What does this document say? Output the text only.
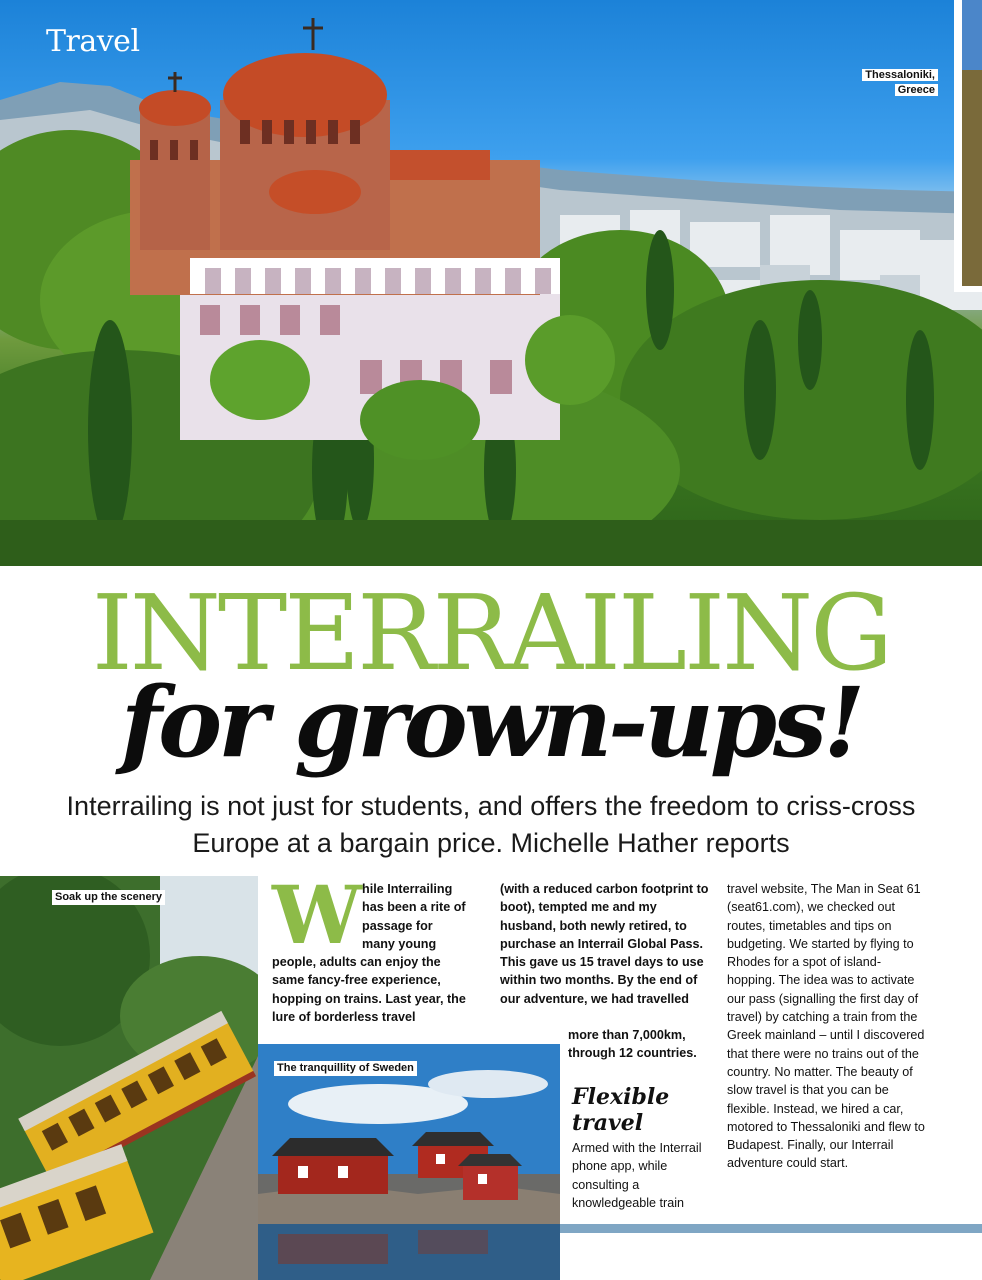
Travel
Thessaloniki,
Greece
INTERRAILING
for grown-ups!
Interrailing is not just for students, and offers the freedom to criss-cross Europe at a bargain price. Michelle Hather reports
Soak up the scenery
The tranquillity of Sweden
While Interrailing has been a rite of passage for many young people, adults can enjoy the same fancy-free experience, hopping on trains. Last year, the lure of borderless travel
(with a reduced carbon footprint to boot), tempted me and my husband, both newly retired, to purchase an Interrail Global Pass. This gave us 15 travel days to use within two months. By the end of our adventure, we had travelled
more than 7,000km, through 12 countries.
Flexible travel
Armed with the Interrail phone app, while consulting a knowledgeable train
travel website, The Man in Seat 61 (seat61.com), we checked out routes, timetables and tips on budgeting. We started by flying to Rhodes for a spot of island-hopping. The idea was to activate our pass (signalling the first day of travel) by catching a train from the Greek mainland – until I discovered that there were no trains out of the country. No matter. The beauty of slow travel is that you can be flexible. Instead, we hired a car, motored to Thessaloniki and flew to Budapest. Finally, our Interrail adventure could start.
